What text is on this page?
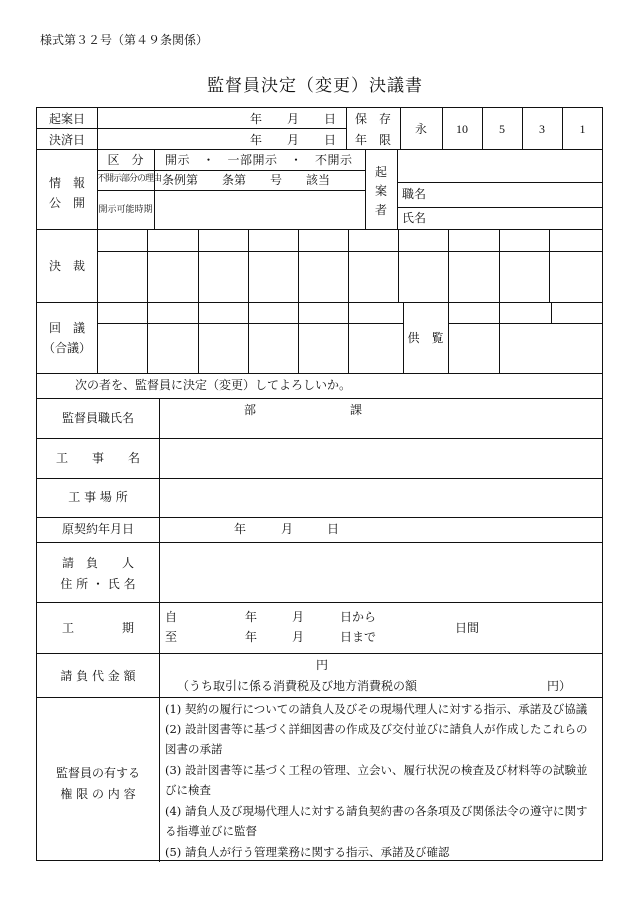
様式第３２号（第４９条関係）
監督員決定（変更）決議書
起案日	年 月 日
決済日	年 月 日
保　存
年　限
永	10	5	3	1
情　報
公　開
区　分	開示　・　一部開示　・　不開示
不開示部分の理由 条例第　　条第　　号　　該当
開示可能時期
起
案
者
職名
氏名
決　裁
回　議
（合議）
供　覧
次の者を、監督員に決定（変更）してよろしいか。
監督員職氏名
部	課
工　　事　　名
工 事 場 所
原契約年月日	年	月	日
請　負　　人
住 所 ・ 氏 名
工　　　　期
自	年	月	日から
至	年	月	日まで
日間
請 負 代 金 額
円
（うち取引に係る消費税及び地方消費税の額	円）
監督員の有する
権 限 の 内 容
(1) 契約の履行についての請負人及びその現場代理人に対する指示、承諾及び協議
(2) 設計図書等に基づく詳細図書の作成及び交付並びに請負人が作成したこれらの
図書の承諾
(3) 設計図書等に基づく工程の管理、立会い、履行状況の検査及び材料等の試験並
びに検査
(4) 請負人及び現場代理人に対する請負契約書の各条項及び関係法令の遵守に関す
る指導並びに監督
(5) 請負人が行う管理業務に関する指示、承諾及び確認
